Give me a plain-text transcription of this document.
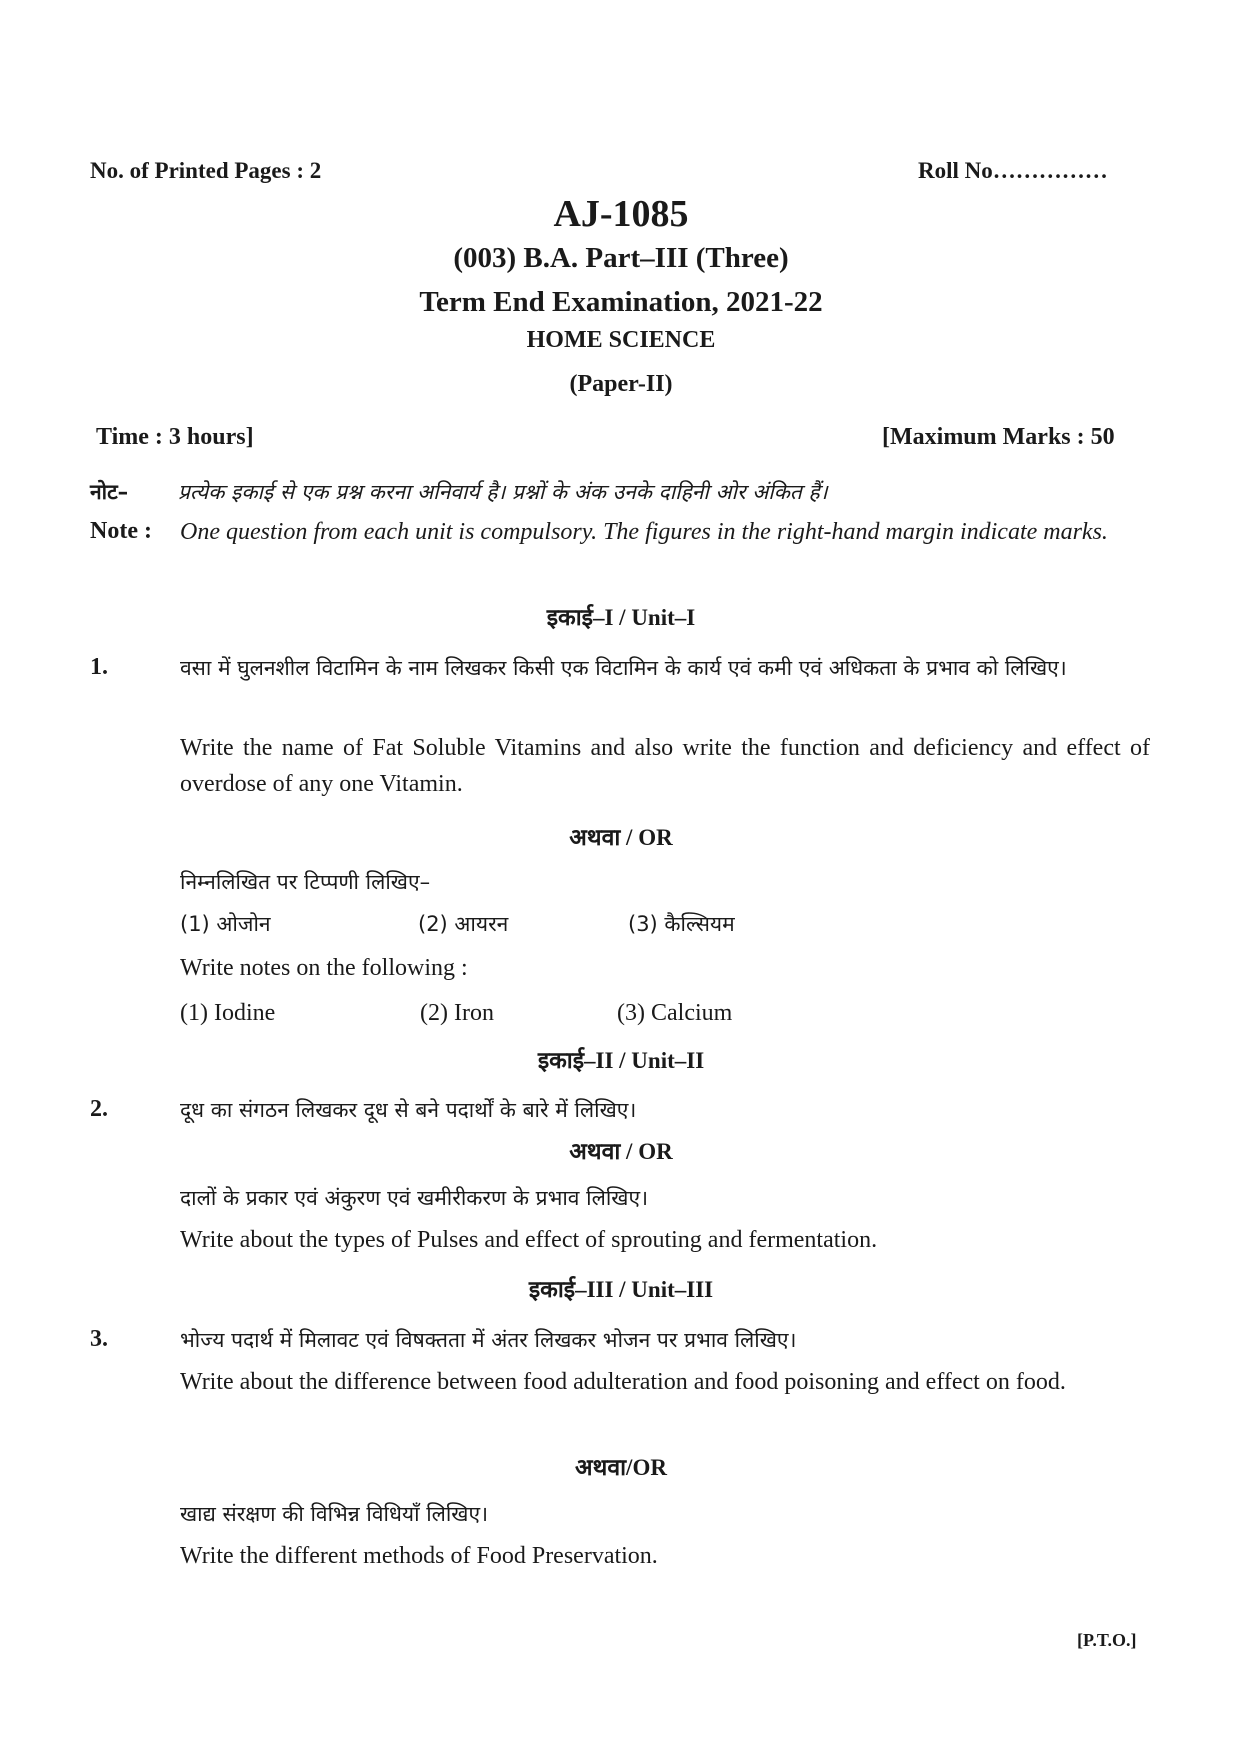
No. of Printed Pages : 2	Roll No……………
AJ-1085
(003) B.A. Part–III (Three)
Term End Examination, 2021-22
HOME SCIENCE
(Paper-II)
Time : 3 hours]	[Maximum Marks : 50
नोट– प्रत्येक इकाई से एक प्रश्न करना अनिवार्य है। प्रश्नों के अंक उनके दाहिनी ओर अंकित हैं।
Note : One question from each unit is compulsory. The figures in the right-hand margin indicate marks.
इकाई–I / Unit–I
1.	वसा में घुलनशील विटामिन के नाम लिखकर किसी एक विटामिन के कार्य एवं कमी एवं अधिकता के प्रभाव को लिखिए।
Write the name of Fat Soluble Vitamins and also write the function and deficiency and effect of overdose of any one Vitamin.
अथवा / OR
निम्नलिखित पर टिप्पणी लिखिए–
(1) ओजोन	(2) आयरन	(3) कैल्सियम
Write notes on the following :
(1) Iodine	(2) Iron	(3) Calcium
इकाई–II / Unit–II
2.	दूध का संगठन लिखकर दूध से बने पदार्थों के बारे में लिखिए।
अथवा / OR
दालों के प्रकार एवं अंकुरण एवं खमीरीकरण के प्रभाव लिखिए।
Write about the types of Pulses and effect of sprouting and fermentation.
इकाई–III / Unit–III
3.	भोज्य पदार्थ में मिलावट एवं विषक्तता में अंतर लिखकर भोजन पर प्रभाव लिखिए।
Write about the difference between food adulteration and food poisoning and effect on food.
अथवा/OR
खाद्य संरक्षण की विभिन्न विधियाँ लिखिए।
Write the different methods of Food Preservation.
[P.T.O.]
